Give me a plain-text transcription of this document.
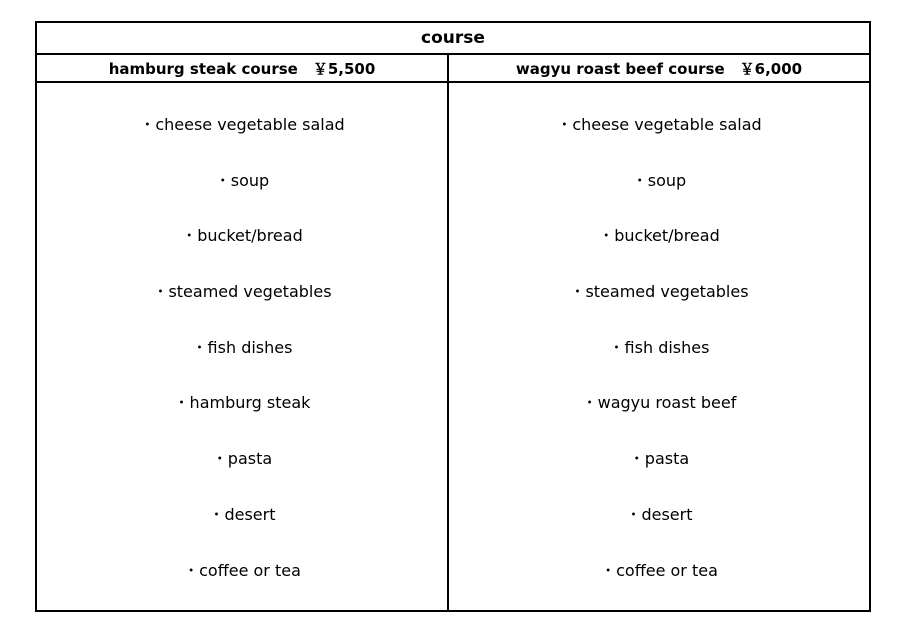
course
hamburg steak course　￥5,500	wagyu roast beef course　￥6,000
・cheese vegetable salad
・soup
・bucket/bread
・steamed vegetables
・fish dishes
・hamburg steak
・pasta
・desert
・coffee or tea
・cheese vegetable salad
・soup
・bucket/bread
・steamed vegetables
・fish dishes
・wagyu roast beef
・pasta
・desert
・coffee or tea
